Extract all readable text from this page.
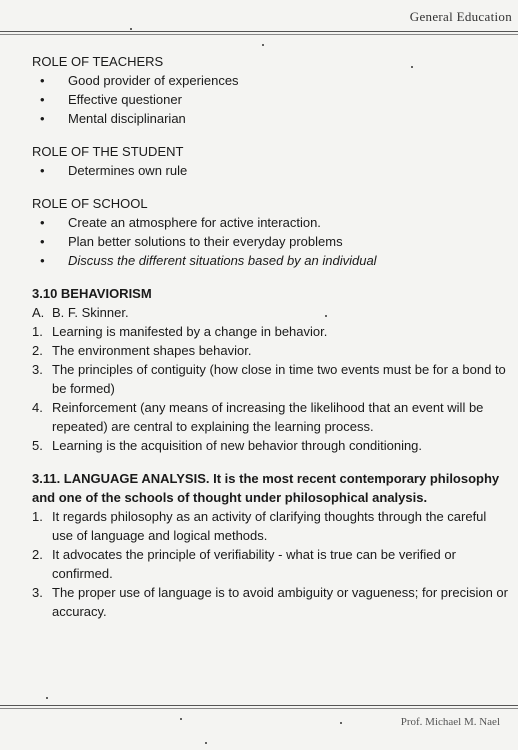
General Education
ROLE OF TEACHERS
• Good provider of experiences
• Effective questioner
• Mental disciplinarian
ROLE OF THE STUDENT
• Determines own rule
ROLE OF SCHOOL
• Create an atmosphere for active interaction.
• Plan better solutions to their everyday problems
• Discuss the different situations based by an individual
3.10 BEHAVIORISM
A. B. F. Skinner.
1. Learning is manifested by a change in behavior.
2. The environment shapes behavior.
3. The principles of contiguity (how close in time two events must be for a bond to be formed)
4. Reinforcement (any means of increasing the likelihood that an event will be repeated) are central to explaining the learning process.
5. Learning is the acquisition of new behavior through conditioning.

3.11. LANGUAGE ANALYSIS. It is the most recent contemporary philosophy and one of the schools of thought under philosophical analysis.

1. It regards philosophy as an activity of clarifying thoughts through the careful use of language and logical methods.
2. It advocates the principle of verifiability - what is true can be verified or confirmed.
3. The proper use of language is to avoid ambiguity or vagueness; for precision or accuracy.
Prof. Michael M. Nael
